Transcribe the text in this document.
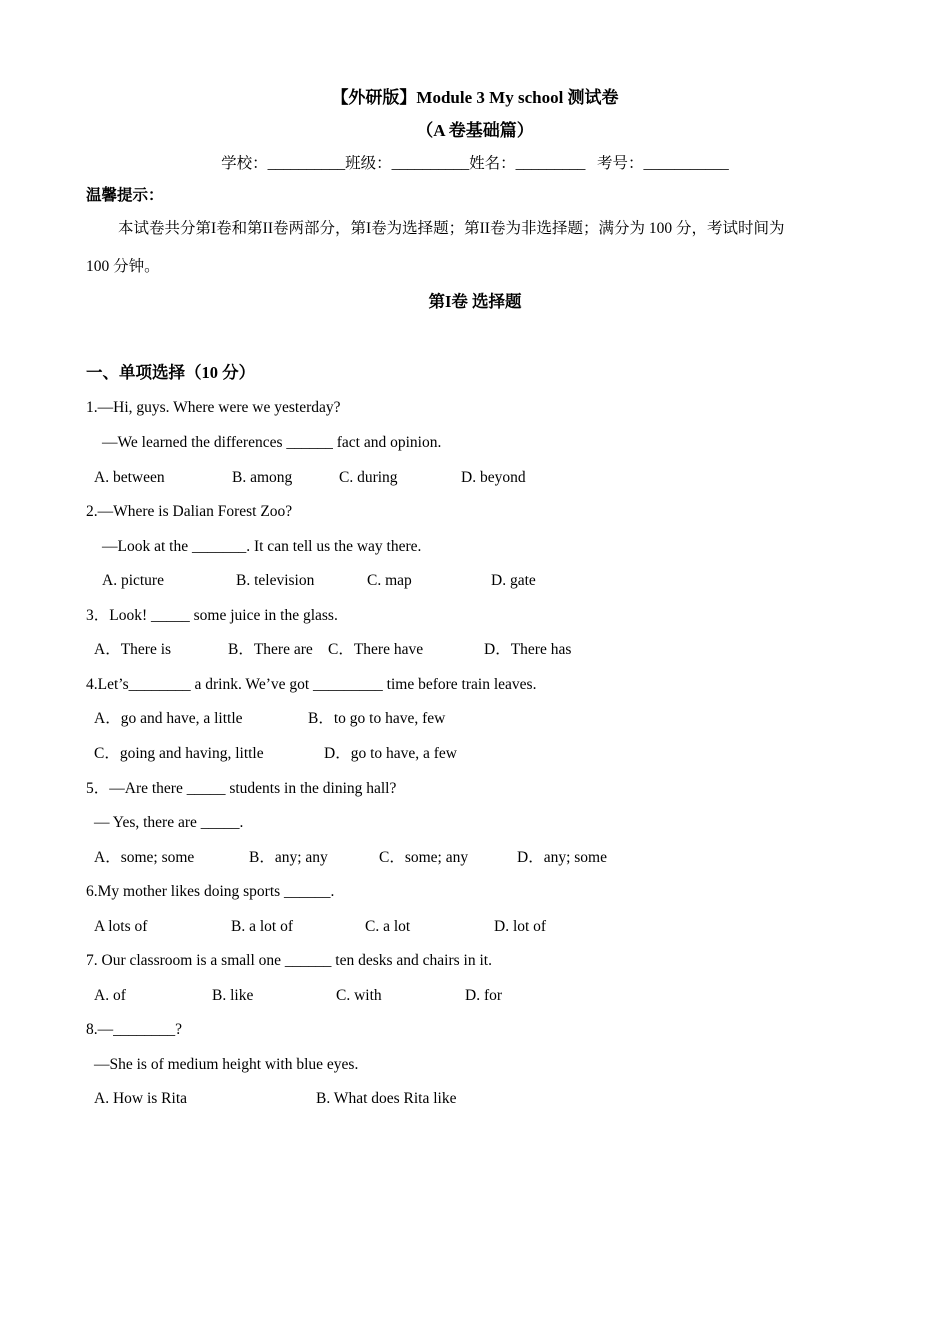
【外研版】Module 3 My school 测试卷
（A 卷基础篇）
学校：__________班级：__________姓名：_________   考号：___________
温馨提示：
本试卷共分第I卷和第II卷两部分，第I卷为选择题；第II卷为非选择题；满分为 100 分，考试时间为
100 分钟。
第I卷 选择题
一、单项选择（10 分）
1.—Hi, guys. Where were we yesterday?
—We learned the differences ______ fact and opinion.
A. between	B. among	C. during	D. beyond
2.—Where is Dalian Forest Zoo?
—Look at the _______. It can tell us the way there.
A. picture	B. television	C. map	D. gate
3．Look! _____ some juice in the glass.
A．There is	B．There are C．There have	D．There has
4.Let’s________ a drink. We’ve got _________ time before train leaves.
A．go and have, a little	B．to go to have, few
C．going and having, little	D．go to have, a few
5．—Are there _____ students in the dining hall?
— Yes, there are _____.
A．some; some	B．any; any	C．some; any	D．any; some
6.My mother likes doing sports ______.
A lots of	B. a lot of	C. a lot	D. lot of
7. Our classroom is a small one ______ ten desks and chairs in it.
A. of	B. like	C. with	D. for
8.—________?
—She is of medium height with blue eyes.
A. How is Rita	B. What does Rita like
